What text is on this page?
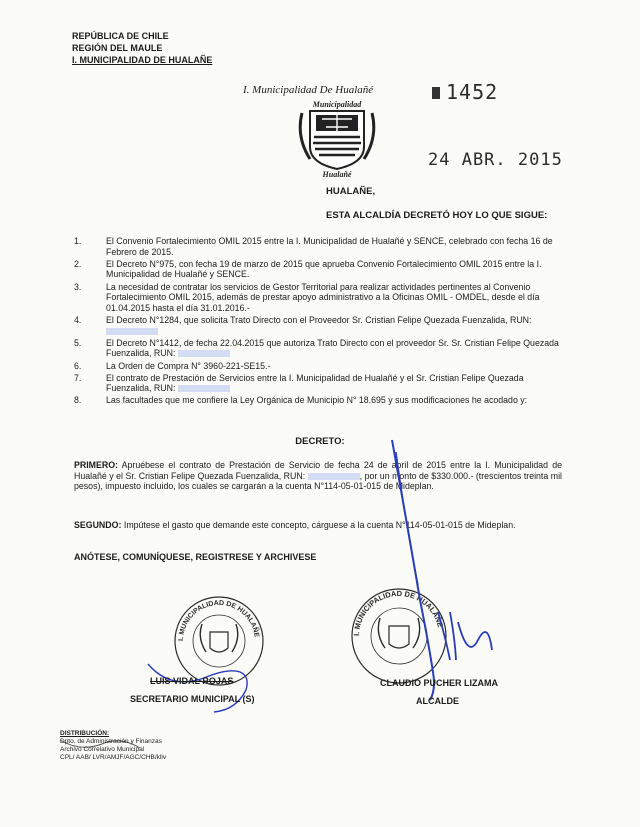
REPÚBLICA DE CHILE
REGIÓN DEL MAULE
I. MUNICIPALIDAD DE HUALAÑE
I. Municipalidad De Hualañé
Municipalidad
Hualañé
1452
24 ABR. 2015
HUALAÑE,
ESTA ALCALDÍA DECRETÓ HOY LO QUE SIGUE:
1.	El Convenio Fortalecimiento OMIL 2015 entre la I. Municipalidad de Hualañé y SENCE, celebrado con fecha 16 de Febrero de 2015.
2.	El Decreto N°975, con fecha 19 de marzo de 2015 que aprueba Convenio Fortalecimiento OMIL 2015 entre la I. Municipalidad de Hualañé y SENCE.
3.	La necesidad de contratar los servicios de Gestor Territorial para realizar actividades pertinentes al Convenio Fortalecimiento OMIL 2015, además de prestar apoyo administrativo a la Oficinas OMIL - OMDEL, desde el día 01.04.2015 hasta el día 31.01.2016.-
4.	El Decreto N°1284, que solicita Trato Directo con el Proveedor Sr. Cristian Felipe Quezada Fuenzalida, RUN:
5.	El Decreto N°1412, de fecha 22.04.2015 que autoriza Trato Directo con el proveedor Sr. Sr. Cristian Felipe Quezada Fuenzalida, RUN:
6.	La Orden de Compra N° 3960-221-SE15.-
7.	El contrato de Prestación de Servicios entre la I. Municipalidad de Hualañé y el Sr. Cristian Felipe Quezada Fuenzalida, RUN:
8.	Las facultades que me confiere la Ley Orgánica de Municipio N° 18.695 y sus modificaciones he acodado y:
DECRETO:
PRIMERO: Apruébese el contrato de Prestación de Servicio de fecha 24 de abril de 2015 entre la I. Municipalidad de Hualañé y el Sr. Cristian Felipe Quezada Fuenzalida, RUN:	, por un monto de $330.000.- (trescientos treinta mil pesos), impuesto incluido, los cuales se cargarán a la cuenta N°114-05-01-015 de Mideplan.
SEGUNDO: Impútese el gasto que demande este concepto, cárguese a la cuenta N°114-05-01-015 de Mideplan.
ANÓTESE, COMUNÍQUESE, REGISTRESE Y ARCHIVESE
I. MUNICIPALIDAD DE HUALAÑE	I. MUNICIPALIDAD DE HUALAÑE
LUIS VIDAL ROJAS
SECRETARIO MUNICIPAL (S)
CLAUDIO PUCHER LIZAMA
ALCALDE
DISTRIBUCIÓN:
Dpto. de Administración y Finanzas
Archivo Correlativo Municipal
CPL/ AAB/ LVR/AMJF/AGC/CHB/kllv
